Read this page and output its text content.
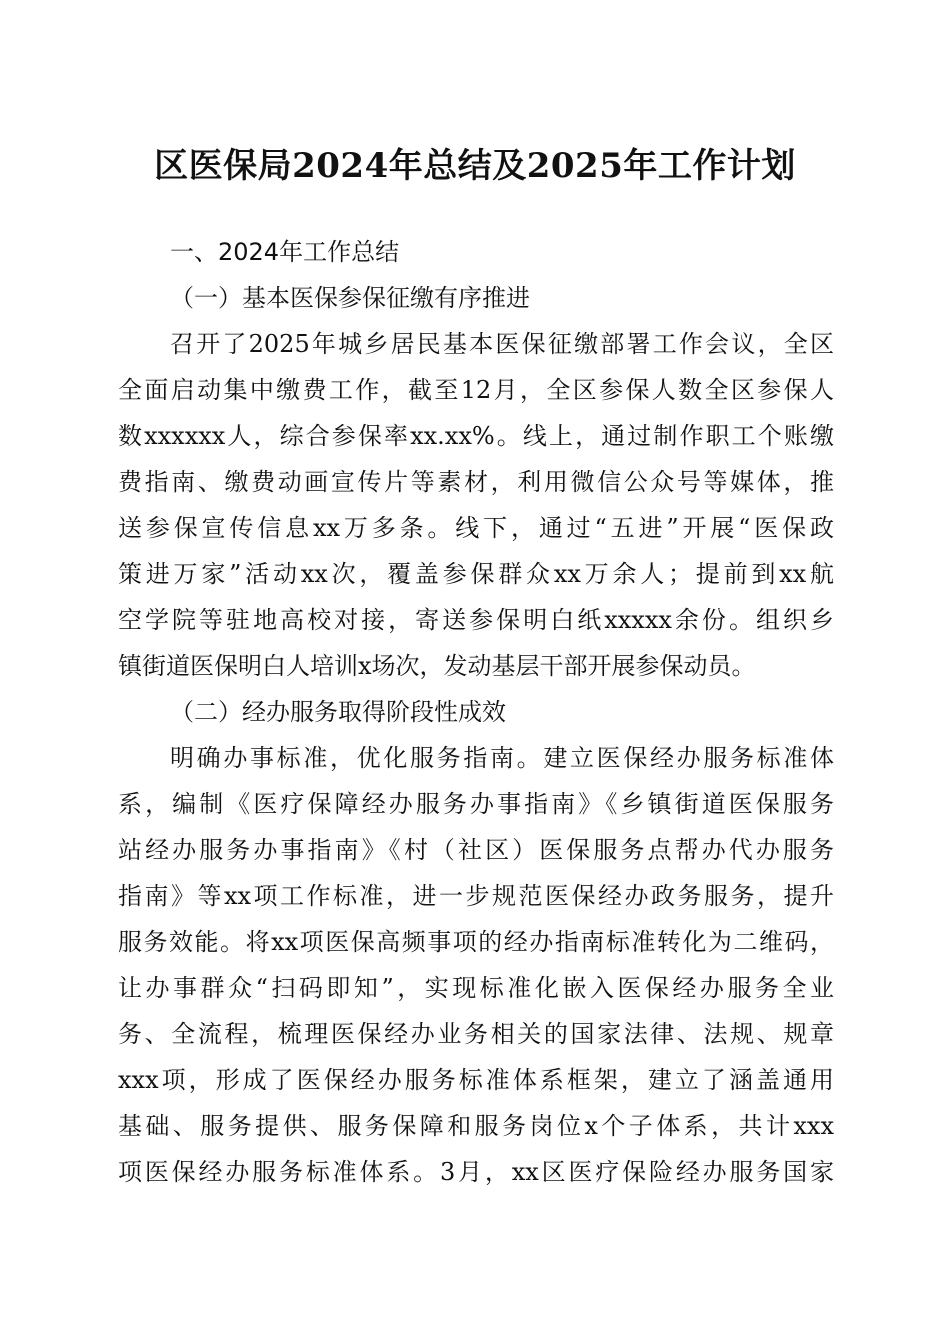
区医保局2024年总结及2025年工作计划
一、2024年工作总结
（一）基本医保参保征缴有序推进
召开了2025年城乡居民基本医保征缴部署工作会议，全区
全面启动集中缴费工作，截至12月，全区参保人数全区参保人
数xxxxxx人，综合参保率xx.xx%。线上，通过制作职工个账缴
费指南、缴费动画宣传片等素材，利用微信公众号等媒体，推
送参保宣传信息xx万多条。线下，通过“五进”开展“医保政
策进万家”活动xx次，覆盖参保群众xx万余人；提前到xx航
空学院等驻地高校对接，寄送参保明白纸xxxxx余份。组织乡
镇街道医保明白人培训x场次，发动基层干部开展参保动员。
（二）经办服务取得阶段性成效
明确办事标准，优化服务指南。建立医保经办服务标准体
系，编制《医疗保障经办服务办事指南》《乡镇街道医保服务
站经办服务办事指南》《村（社区）医保服务点帮办代办服务
指南》等xx项工作标准，进一步规范医保经办政务服务，提升
服务效能。将xx项医保高频事项的经办指南标准转化为二维码，
让办事群众“扫码即知”，实现标准化嵌入医保经办服务全业
务、全流程，梳理医保经办业务相关的国家法律、法规、规章
xxx项，形成了医保经办服务标准体系框架，建立了涵盖通用
基础、服务提供、服务保障和服务岗位x个子体系，共计xxx
项医保经办服务标准体系。3月，xx区医疗保险经办服务国家
